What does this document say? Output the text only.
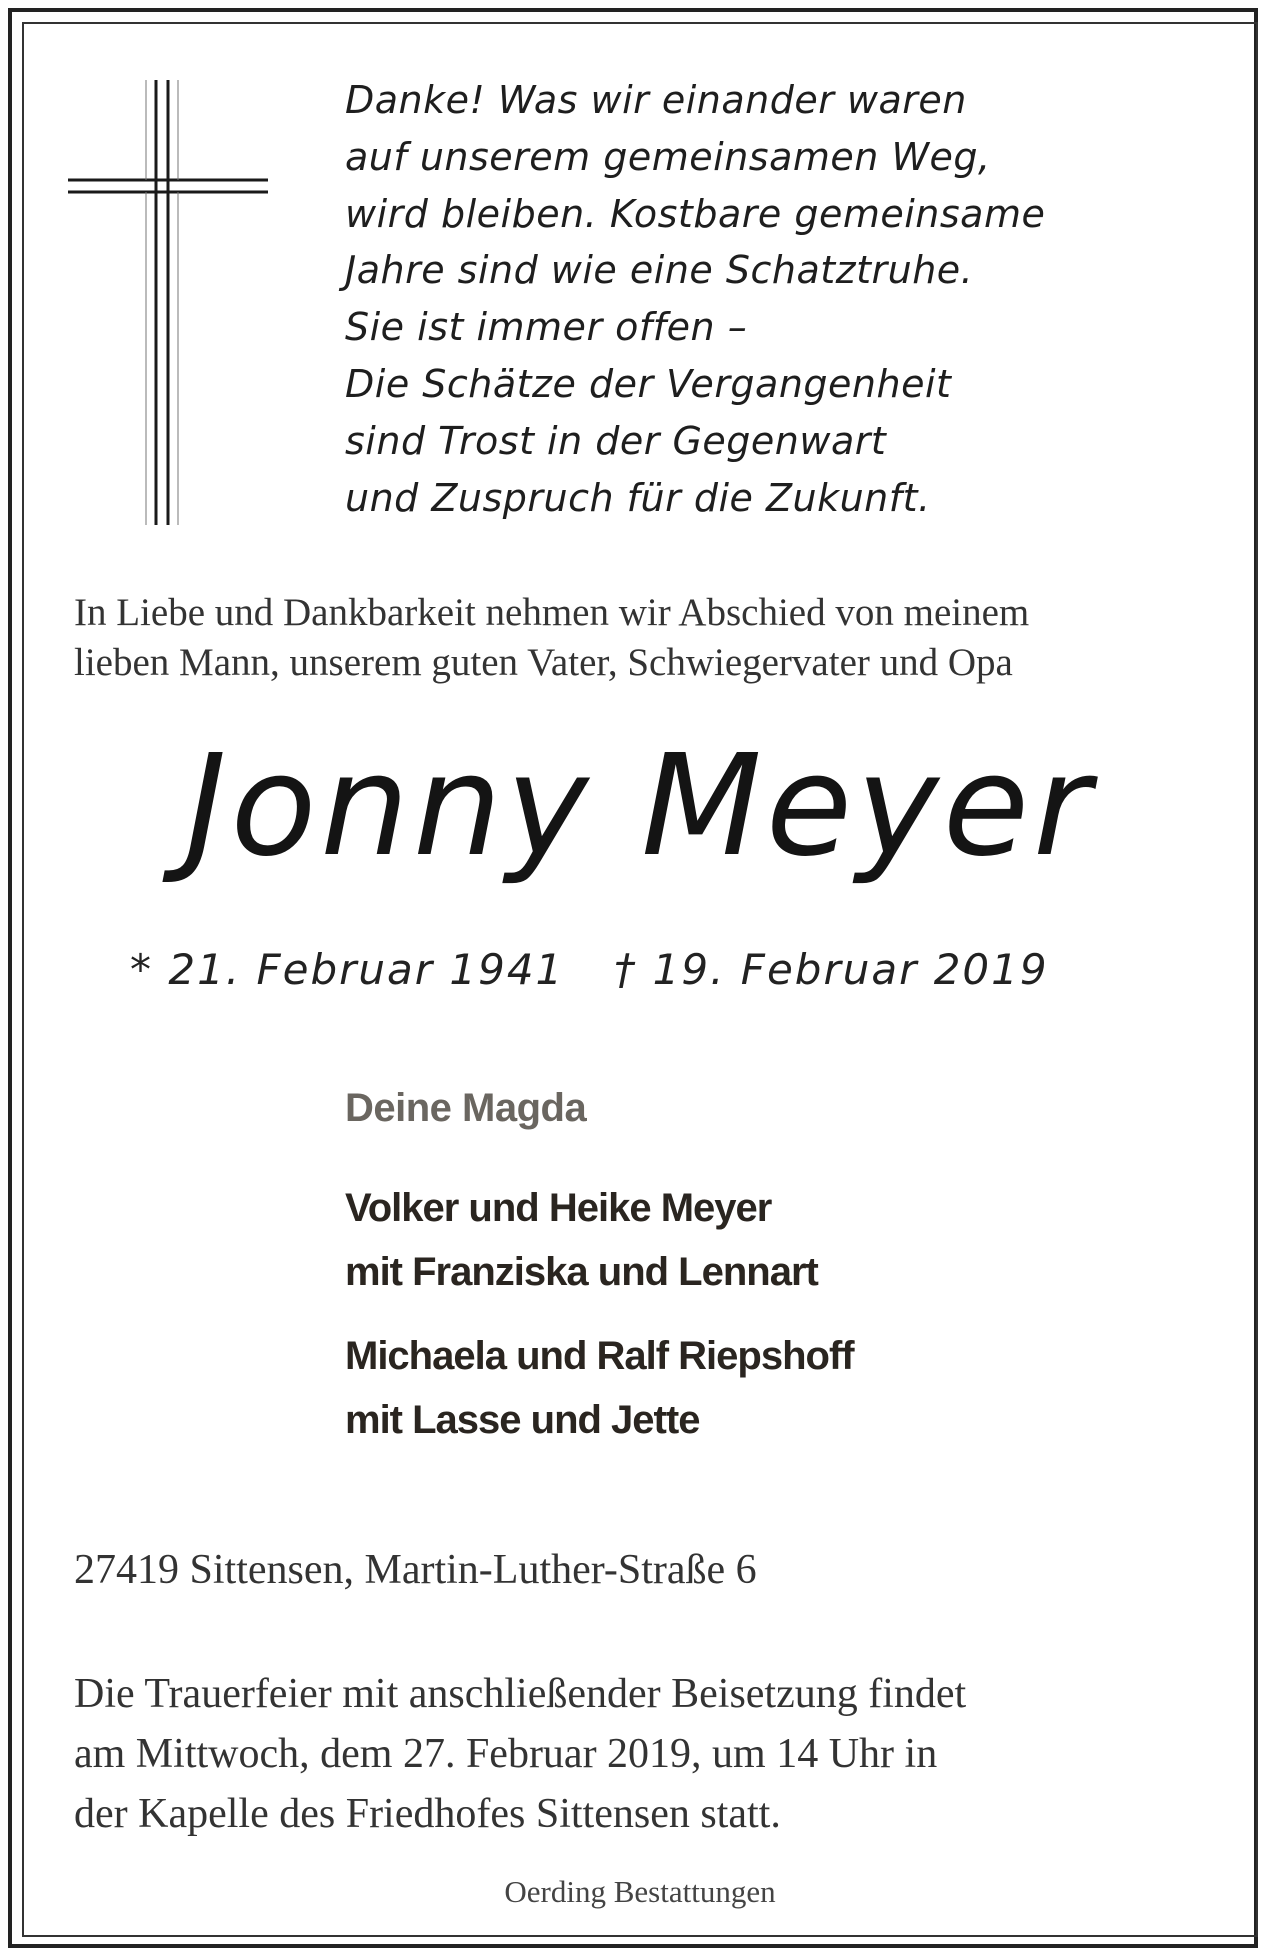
Danke! Was wir einander waren
auf unserem gemeinsamen Weg,
wird bleiben. Kostbare gemeinsame
Jahre sind wie eine Schatztruhe.
Sie ist immer offen –
Die Schätze der Vergangenheit
sind Trost in der Gegenwart
und Zuspruch für die Zukunft.
In Liebe und Dankbarkeit nehmen wir Abschied von meinem
lieben Mann, unserem guten Vater, Schwiegervater und Opa
Jonny Meyer
* 21. Februar 1941 † 19. Februar 2019
Deine Magda
Volker und Heike Meyer
mit Franziska und Lennart
Michaela und Ralf Riepshoff
mit Lasse und Jette
27419 Sittensen, Martin-Luther-Straße 6
Die Trauerfeier mit anschließender Beisetzung findet
am Mittwoch, dem 27. Februar 2019, um 14 Uhr in
der Kapelle des Friedhofes Sittensen statt.
Oerding Bestattungen
